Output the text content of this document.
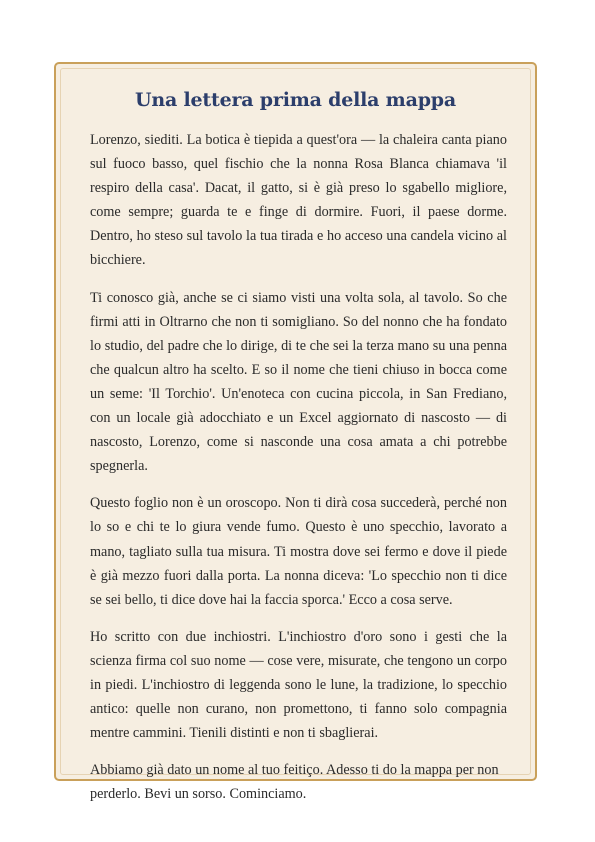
Una lettera prima della mappa

Lorenzo, siediti. La botica è tiepida a quest'ora — la chaleira canta piano sul fuoco basso, quel fischio che la nonna Rosa Blanca chiamava 'il respiro della casa'. Dacat, il gatto, si è già preso lo sgabello migliore, come sempre; guarda te e finge di dormire. Fuori, il paese dorme. Dentro, ho steso sul tavolo la tua tirada e ho acceso una candela vicino al bicchiere.

Ti conosco già, anche se ci siamo visti una volta sola, al tavolo. So che firmi atti in Oltrarno che non ti somigliano. So del nonno che ha fondato lo studio, del padre che lo dirige, di te che sei la terza mano su una penna che qualcun altro ha scelto. E so il nome che tieni chiuso in bocca come un seme: 'Il Torchio'. Un'enoteca con cucina piccola, in San Frediano, con un locale già adocchiato e un Excel aggiornato di nascosto — di nascosto, Lorenzo, come si nasconde una cosa amata a chi potrebbe spegnerla.

Questo foglio non è un oroscopo. Non ti dirà cosa succederà, perché non lo so e chi te lo giura vende fumo. Questo è uno specchio, lavorato a mano, tagliato sulla tua misura. Ti mostra dove sei fermo e dove il piede è già mezzo fuori dalla porta. La nonna diceva: 'Lo specchio non ti dice se sei bello, ti dice dove hai la faccia sporca.' Ecco a cosa serve.

Ho scritto con due inchiostri. L'inchiostro d'oro sono i gesti che la scienza firma col suo nome — cose vere, misurate, che tengono un corpo in piedi. L'inchiostro di leggenda sono le lune, la tradizione, lo specchio antico: quelle non curano, non promettono, ti fanno solo compagnia mentre cammini. Tienili distinti e non ti sbaglierai.

Abbiamo già dato un nome al tuo feitiço. Adesso ti do la mappa per non perderlo. Bevi un sorso. Cominciamo.
